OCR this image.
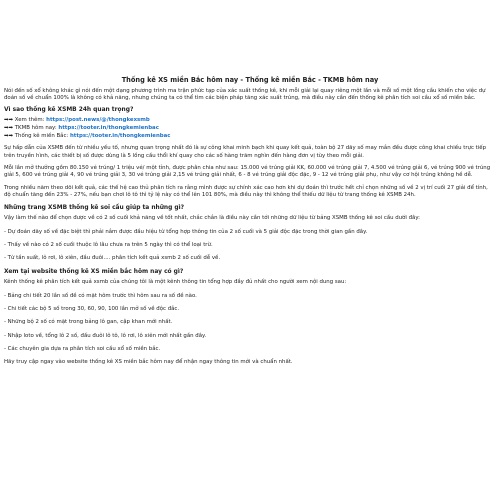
Thống kê XS miền Bắc hôm nay - Thống kê miền Bắc - TKMB hôm nay

Nói đến số xổ không khác gì nói đến một dạng phương trình ma trận phức tạp của xác suất thống kê, khi mỗi giải lại quay riêng một lần và mỗi số một lồng cầu khiến cho việc dự đoán số về chuẩn 100% là không có khả năng, nhưng chúng ta có thể tìm các biện pháp tăng xác suất trúng, mà điều này cần đến thống kê phân tích soi cầu xổ số miền bắc.

Vì sao thống kê XSMB 24h quan trọng?

➡➡ Xem thêm: https://post.news/@/thongkexsmb

➡➡ TKMB hôm nay: https://tooter.in/thongkemienbac

➡➡ Thống kê miền Bắc: https://tooter.in/thongkemienbac

Sự hấp dẫn của XSMB đến từ nhiều yếu tố, nhưng quan trọng nhất đó là sự công khai minh bạch khi quay kết quả, toàn bộ 27 dãy số may mắn đều được công khai chiếu trực tiếp trên truyền hình, các thiết bị số được dùng là 5 lồng cầu thổi khí quay cho các số hàng trăm nghìn đến hàng đơn vị tùy theo mỗi giải.

Mỗi lần mở thưởng gồm 80.150 vé trúng/ 1 triệu vé/ một tỉnh, được phân chia như sau: 15.000 vé trúng giải KK, 60.000 vé trúng giải 7, 4.500 vé trúng giải 6, vé trúng 900 vé trúng giải 5, 600 vé trúng giải 4, 90 vé trúng giải 3, 30 vé trúng giải 2,15 vé trúng giải nhất, 6 - 8 vé trúng giải độc đặc, 9 - 12 vé trúng giải phụ, như vậy cơ hội trúng không hề dễ.

Trong nhiều năm theo dõi kết quả, các thế hệ cao thủ phân tích ra rằng mình được sự chính xác cao hơn khi dự đoán thì trước hết chỉ chọn những số về 2 vị trí cuối 27 giải để tính, độ chuẩn tăng đến 23% - 27%, nếu bạn chơi lô tô thì tỷ lệ này có thể lên 101 80%, mà điều này thì không thể thiếu dữ liệu từ trang thống kê XSMB 24h.

Những trang XSMB thống kê soi cầu giúp ta những gì?

Vậy làm thế nào để chọn được về có 2 số cuối khả năng về tốt nhất, chắc chắn là điều này cần tới những dữ liệu từ bảng XSMB thống kê soi cầu dưới đây:

- Dự đoán dãy số về đặc biệt thì phải nắm được đầu hiệu từ tổng hợp thông tin của 2 số cuối và 5 giải độc đặc trong thời gian gần đây.

- Thấy về nào có 2 số cuối thuộc lô lâu chưa ra trên 5 ngày thì có thể loại trừ.

- Từ tần suất, lô rơi, lô xiên, đầu đuôi.... phân tích kết quả xsmb 2 số cuối dễ về.

Xem tại website thống kê XS miền bắc hôm nay có gì?

Kênh thống kê phân tích kết quả xsmb của chúng tôi là một kênh thông tin tổng hợp đầy đủ nhất cho người xem nội dung sau:

- Bảng chi tiết 20 lần số đề có mặt hôm trước thì hôm sau ra số đề nào.

- Chi tiết các bộ 5 số trong 30, 60, 90, 100 lần mở số về độc đắc.

- Những bộ 2 số có mặt trong bảng lô gan, cập khan mới nhất.

- Nhập loto về, tổng lô 2 số, đầu đuôi lô tô, lô rơi, lô xiên mới nhất gần đây.

- Các chuyên gia dựa ra phân tích soi cầu xổ số miền bắc.

Hãy truy cập ngay vào website thống kê XS miền bắc hôm nay để nhận ngay thông tin mới và chuẩn nhất.
